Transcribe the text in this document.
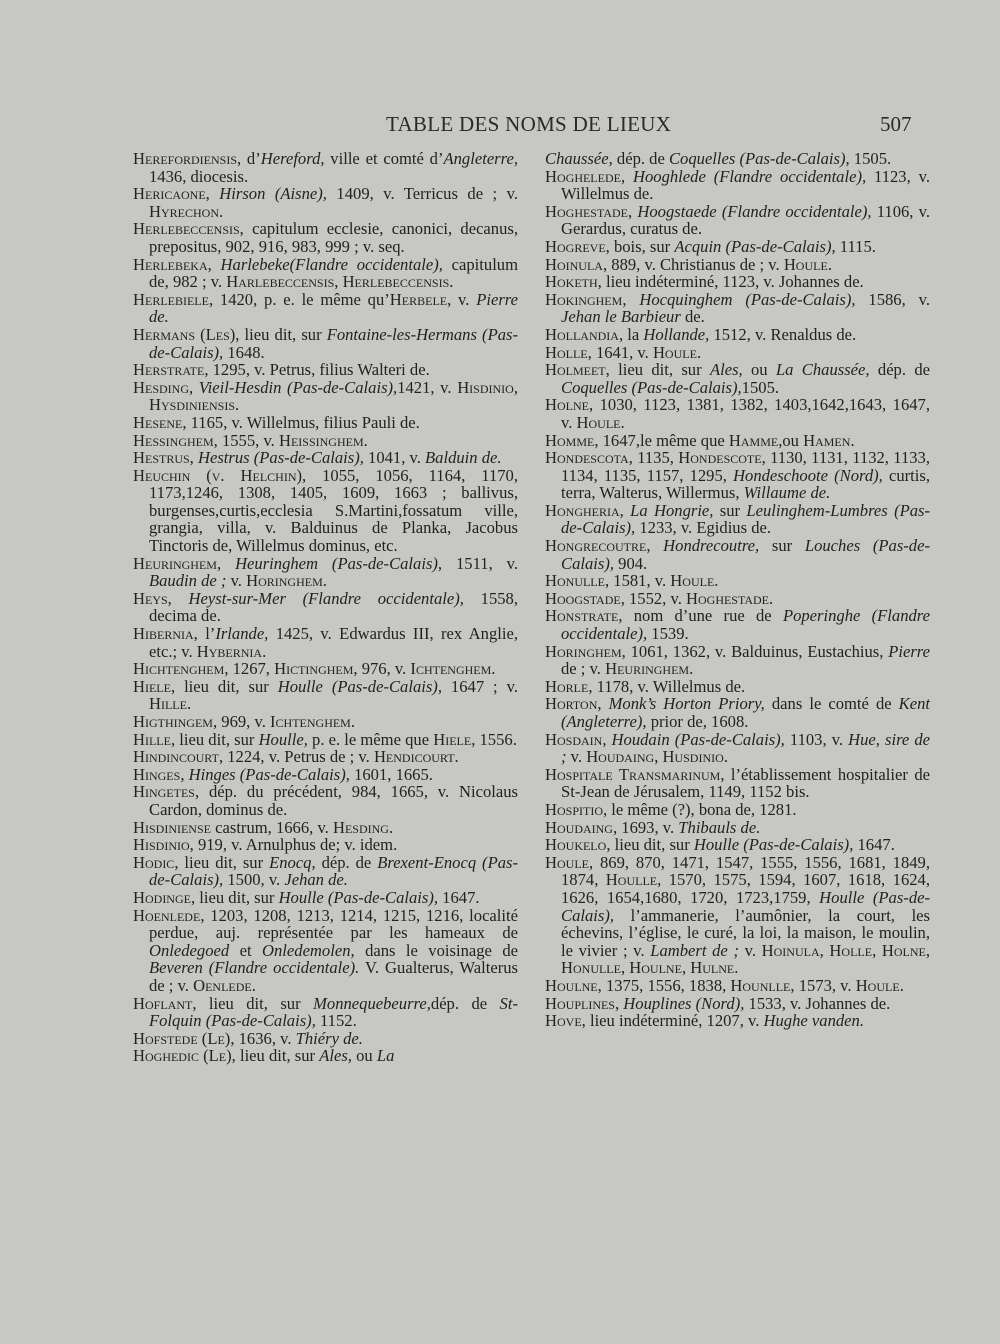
TABLE DES NOMS DE LIEUX	507

Herefordiensis, d’Hereford, ville et comté d’Angleterre, 1436, diocesis.

Hericaone, Hirson (Aisne), 1409, v. Terricus de ; v. Hyrechon.

Herlebeccensis, capitulum ecclesie, canonici, decanus, prepositus, 902, 916, 983, 999 ; v. seq.

Herlebeka, Harlebeke(Flandre occidentale), capitulum de, 982 ; v. Harlebeccensis, Herlebeccensis.

Herlebiele, 1420, p. e. le même qu’Herbele, v. Pierre de.

Hermans (Les), lieu dit, sur Fontaine-les-Hermans (Pas-de-Calais), 1648.

Herstrate, 1295, v. Petrus, filius Walteri de.

Hesding, Vieil-Hesdin (Pas-de-Calais),1421, v. Hisdinio, Hysdiniensis.

Hesene, 1165, v. Willelmus, filius Pauli de.

Hessinghem, 1555, v. Heissinghem.

Hestrus, Hestrus (Pas-de-Calais), 1041, v. Balduin de.

Heuchin (v. Helchin), 1055, 1056, 1164, 1170, 1173,1246, 1308, 1405, 1609, 1663 ; ballivus, burgenses,curtis,ecclesia S.Martini,fossatum ville, grangia, villa, v. Balduinus de Planka, Jacobus Tinctoris de, Willelmus dominus, etc.

Heuringhem, Heuringhem (Pas-de-Calais), 1511, v. Baudin de ; v. Horinghem.

Heys, Heyst-sur-Mer (Flandre occidentale), 1558, decima de.

Hibernia, l’Irlande, 1425, v. Edwardus III, rex Anglie, etc.; v. Hybernia.

Hichtenghem, 1267, Hictinghem, 976, v. Ichtenghem.

Hiele, lieu dit, sur Houlle (Pas-de-Calais), 1647 ; v. Hille.

Higthingem, 969, v. Ichtenghem.

Hille, lieu dit, sur Houlle, p. e. le même que Hiele, 1556.

Hindincourt, 1224, v. Petrus de ; v. Hendicourt.

Hinges, Hinges (Pas-de-Calais), 1601, 1665.

Hingetes, dép. du précédent, 984, 1665, v. Nicolaus Cardon, dominus de.

Hisdiniense castrum, 1666, v. Hesding.

Hisdinio, 919, v. Arnulphus de; v. idem.

Hodic, lieu dit, sur Enocq, dép. de Brexent-Enocq (Pas-de-Calais), 1500, v. Jehan de.

Hodinge, lieu dit, sur Houlle (Pas-de-Calais), 1647.

Hoenlede, 1203, 1208, 1213, 1214, 1215, 1216, localité perdue, auj. représentée par les hameaux de Onledegoed et Onledemolen, dans le voisinage de Beveren (Flandre occidentale). V. Gualterus, Walterus de ; v. Oenlede.

Hoflant, lieu dit, sur Monnequebeurre,dép. de St-Folquin (Pas-de-Calais), 1152.

Hofstede (Le), 1636, v. Thiéry de.

Hoghedic (Le), lieu dit, sur Ales, ou La

Chaussée, dép. de Coquelles (Pas-de-Calais), 1505.

Hoghelede, Hooghlede (Flandre occidentale), 1123, v. Willelmus de.

Hoghestade, Hoogstaede (Flandre occidentale), 1106, v. Gerardus, curatus de.

Hogreve, bois, sur Acquin (Pas-de-Calais), 1115.

Hoinula, 889, v. Christianus de ; v. Houle.

Hoketh, lieu indéterminé, 1123, v. Johannes de.

Hokinghem, Hocquinghem (Pas-de-Calais), 1586, v. Jehan le Barbieur de.

Hollandia, la Hollande, 1512, v. Renaldus de.

Holle, 1641, v. Houle.

Holmeet, lieu dit, sur Ales, ou La Chaussée, dép. de Coquelles (Pas-de-Calais),1505.

Holne, 1030, 1123, 1381, 1382, 1403,1642,1643, 1647, v. Houle.

Homme, 1647,le même que Hamme,ou Hamen.

Hondescota, 1135, Hondescote, 1130, 1131, 1132, 1133, 1134, 1135, 1157, 1295, Hondeschoote (Nord), curtis, terra, Walterus, Willermus, Willaume de.

Hongheria, La Hongrie, sur Leulinghem-Lumbres (Pas-de-Calais), 1233, v. Egidius de.

Hongrecoutre, Hondrecoutre, sur Louches (Pas-de-Calais), 904.

Honulle, 1581, v. Houle.

Hoogstade, 1552, v. Hoghestade.

Honstrate, nom d’une rue de Poperinghe (Flandre occidentale), 1539.

Horinghem, 1061, 1362, v. Balduinus, Eustachius, Pierre de ; v. Heuringhem.

Horle, 1178, v. Willelmus de.

Horton, Monk’s Horton Priory, dans le comté de Kent (Angleterre), prior de, 1608.

Hosdain, Houdain (Pas-de-Calais), 1103, v. Hue, sire de ; v. Houdaing, Husdinio.

Hospitale Transmarinum, l’établissement hospitalier de St-Jean de Jérusalem, 1149, 1152 bis.

Hospitio, le même (?), bona de, 1281.

Houdaing, 1693, v. Thibauls de.

Houkelo, lieu dit, sur Houlle (Pas-de-Calais), 1647.

Houle, 869, 870, 1471, 1547, 1555, 1556, 1681, 1849, 1874, Houlle, 1570, 1575, 1594, 1607, 1618, 1624, 1626, 1654,1680, 1720, 1723,1759, Houlle (Pas-de-Calais), l’ammanerie, l’aumônier, la court, les échevins, l’église, le curé, la loi, la maison, le moulin, le vivier ; v. Lambert de ; v. Hoinula, Holle, Holne, Honulle, Houlne, Hulne.

Houlne, 1375, 1556, 1838, Hounlle, 1573, v. Houle.

Houplines, Houplines (Nord), 1533, v. Johannes de.

Hove, lieu indéterminé, 1207, v. Hughe vanden.
